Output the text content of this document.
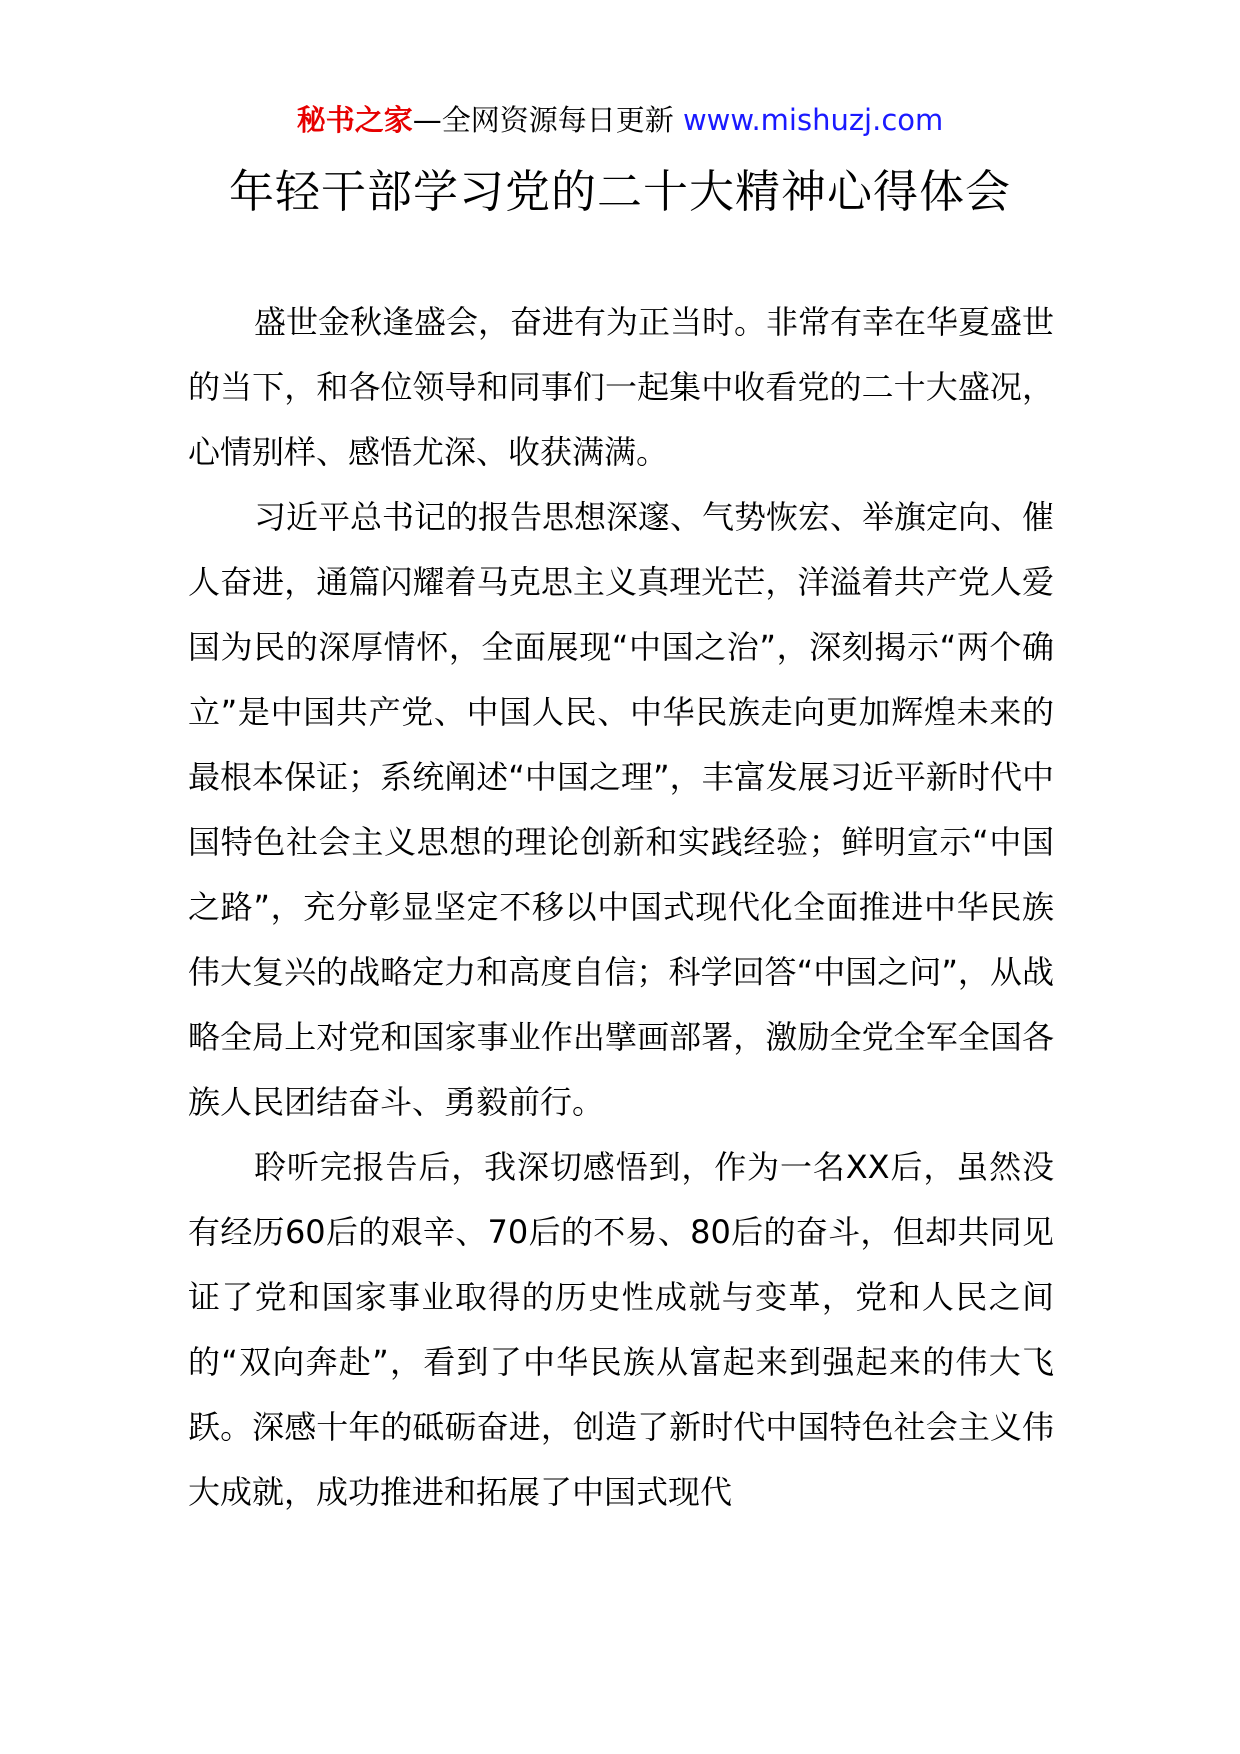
秘书之家—全网资源每日更新 www.mishuzj.com
年轻干部学习党的二十大精神心得体会

盛世金秋逢盛会，奋进有为正当时。非常有幸在华夏盛世的当下，和各位领导和同事们一起集中收看党的二十大盛况，心情别样、感悟尤深、收获满满。

习近平总书记的报告思想深邃、气势恢宏、举旗定向、催人奋进，通篇闪耀着马克思主义真理光芒，洋溢着共产党人爱国为民的深厚情怀，全面展现“中国之治”，深刻揭示“两个确立”是中国共产党、中国人民、中华民族走向更加辉煌未来的最根本保证；系统阐述“中国之理”，丰富发展习近平新时代中国特色社会主义思想的理论创新和实践经验；鲜明宣示“中国之路”，充分彰显坚定不移以中国式现代化全面推进中华民族伟大复兴的战略定力和高度自信；科学回答“中国之问”，从战略全局上对党和国家事业作出擘画部署，激励全党全军全国各族人民团结奋斗、勇毅前行。

聆听完报告后，我深切感悟到，作为一名XX后，虽然没有经历60后的艰辛、70后的不易、80后的奋斗，但却共同见证了党和国家事业取得的历史性成就与变革，党和人民之间的“双向奔赴”，看到了中华民族从富起来到强起来的伟大飞跃。深感十年的砥砺奋进，创造了新时代中国特色社会主义伟大成就，成功推进和拓展了中国式现代
